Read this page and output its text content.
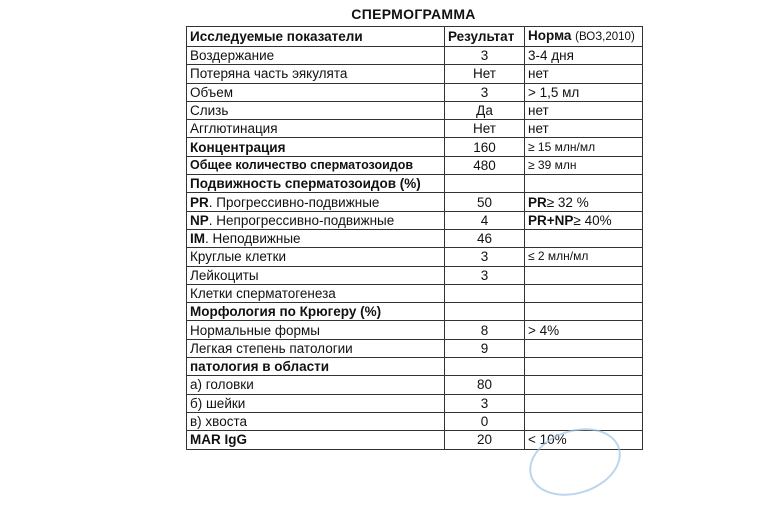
СПЕРМОГРАММА
Исследуемые показатели	Результат	Норма (ВОЗ,2010)
Воздержание	3	3-4 дня
Потеряна часть эякулята	Нет	нет
Объем	3	> 1,5 мл
Слизь	Да	нет
Агглютинация	Нет	нет
Концентрация	160	≥ 15 млн/мл
Общее количество сперматозоидов	480	≥ 39 млн
Подвижность сперматозоидов (%)		
PR. Прогрессивно-подвижные	50	PR≥ 32 %
NP. Непрогрессивно-подвижные	4	PR+NP≥ 40%
IM. Неподвижные	46	
Круглые клетки	3	≤ 2 млн/мл
Лейкоциты	3	
Клетки сперматогенеза		
Морфология по Крюгеру (%)		
Нормальные формы	8	> 4%
Легкая степень патологии	9	
патология в области		
а) головки	80	
б) шейки	3	
в) хвоста	0	
MAR IgG	20	< 10%
